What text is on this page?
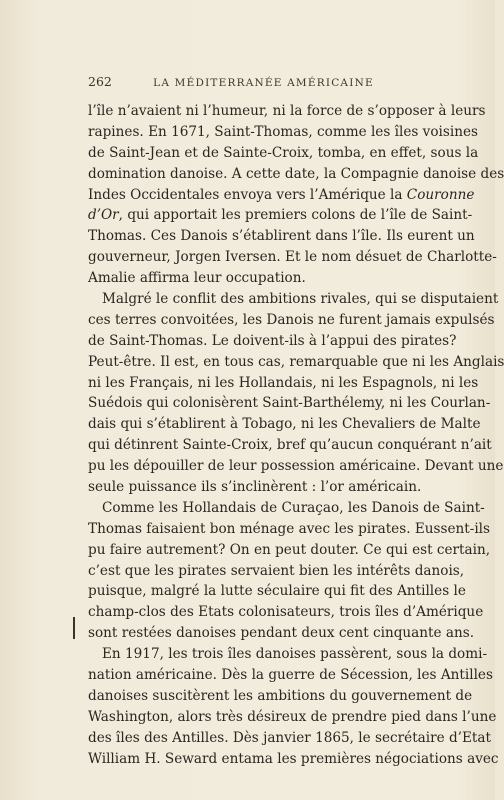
262	LA MÉDITERRANÉE AMÉRICAINE
l’île n’avaient ni l’humeur, ni la force de s’opposer à leurs
rapines. En 1671, Saint-Thomas, comme les îles voisines
de Saint-Jean et de Sainte-Croix, tomba, en effet, sous la
domination danoise. A cette date, la Compagnie danoise des
Indes Occidentales envoya vers l’Amérique la Couronne
d’Or, qui apportait les premiers colons de l’île de Saint-
Thomas. Ces Danois s’établirent dans l’île. Ils eurent un
gouverneur, Jorgen Iversen. Et le nom désuet de Charlotte-
Amalie affirma leur occupation.
Malgré le conflit des ambitions rivales, qui se disputaient
ces terres convoitées, les Danois ne furent jamais expulsés
de Saint-Thomas. Le doivent-ils à l’appui des pirates?
Peut-être. Il est, en tous cas, remarquable que ni les Anglais
ni les Français, ni les Hollandais, ni les Espagnols, ni les
Suédois qui colonisèrent Saint-Barthélemy, ni les Courlan-
dais qui s’établirent à Tobago, ni les Chevaliers de Malte
qui détinrent Sainte-Croix, bref qu’aucun conquérant n’ait
pu les dépouiller de leur possession américaine. Devant une
seule puissance ils s’inclinèrent : l’or américain.
Comme les Hollandais de Curaçao, les Danois de Saint-
Thomas faisaient bon ménage avec les pirates. Eussent-ils
pu faire autrement? On en peut douter. Ce qui est certain,
c’est que les pirates servaient bien les intérêts danois,
puisque, malgré la lutte séculaire qui fit des Antilles le
champ-clos des Etats colonisateurs, trois îles d’Amérique
sont restées danoises pendant deux cent cinquante ans.
En 1917, les trois îles danoises passèrent, sous la domi-
nation américaine. Dès la guerre de Sécession, les Antilles
danoises suscitèrent les ambitions du gouvernement de
Washington, alors très désireux de prendre pied dans l’une
des îles des Antilles. Dès janvier 1865, le secrétaire d’Etat
William H. Seward entama les premières négociations avec
